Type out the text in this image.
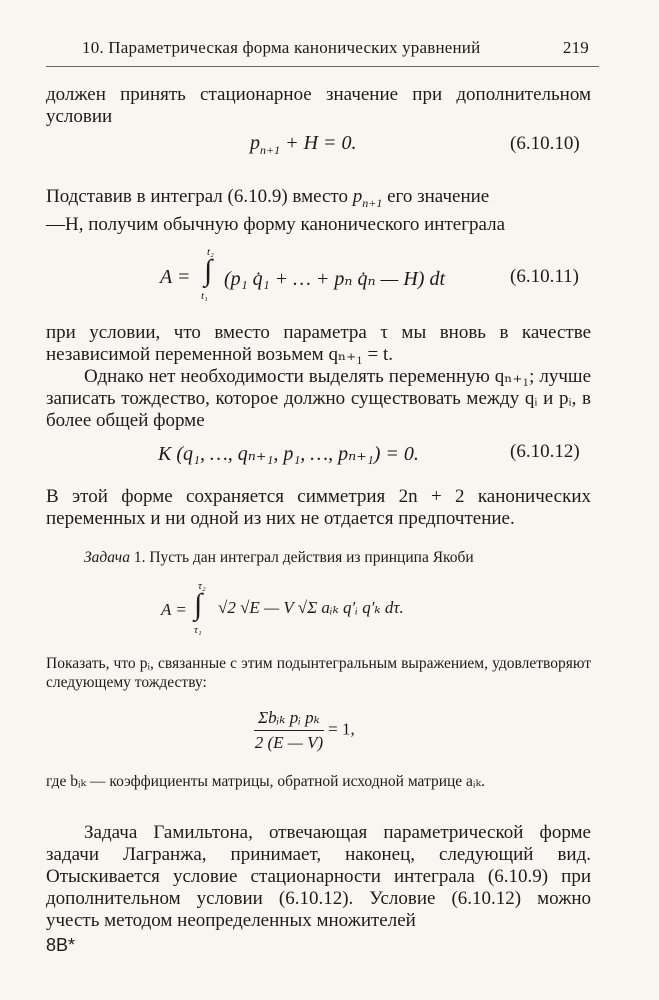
10. Параметрическая форма канонических уравнений	219
должен принять стационарное значение при дополнительном условии
$p_{n+1} + H = 0$.	(6.10.10)
Подставив в интеграл (6.10.9) вместо $p_{n+1}$ его значение
—H, получим обычную форму канонического интеграла
t₂
∫
t₁
A = (p₁ q̇₁ + … + pₙ q̇ₙ — H) dt	(6.10.11)
при условии, что вместо параметра τ мы вновь в качестве независимой переменной возьмем qₙ₊₁ = t.
Однако нет необходимости выделять переменную qₙ₊₁; лучше записать тождество, которое должно существовать между qᵢ и pᵢ, в более общей форме
K (q₁, …, qₙ₊₁, p₁, …, pₙ₊₁) = 0.	(6.10.12)
В этой форме сохраняется симметрия 2n + 2 канонических переменных и ни одной из них не отдается предпочтение.
Задача 1. Пусть дан интеграл действия из принципа Якоби
τ₂
∫
τ₁
A = √2 √E — V √Σ aᵢₖ q′ᵢ q′ₖ dτ.
Показать, что pᵢ, связанные с этим подынтегральным выражением, удовлетворяют следующему тождеству:
$\frac{\text{Σbᵢₖ pᵢ pₖ}}{2 (E — V)} = 1$,
где bᵢₖ — коэффициенты матрицы, обратной исходной матрице aᵢₖ.
Задача Гамильтона, отвечающая параметрической форме задачи Лагранжа, принимает, наконец, следующий вид. Отыскивается условие стационарности интеграла (6.10.9) при дополнительном условии (6.10.12). Условие (6.10.12) можно учесть методом неопределенных множителей
8B*
